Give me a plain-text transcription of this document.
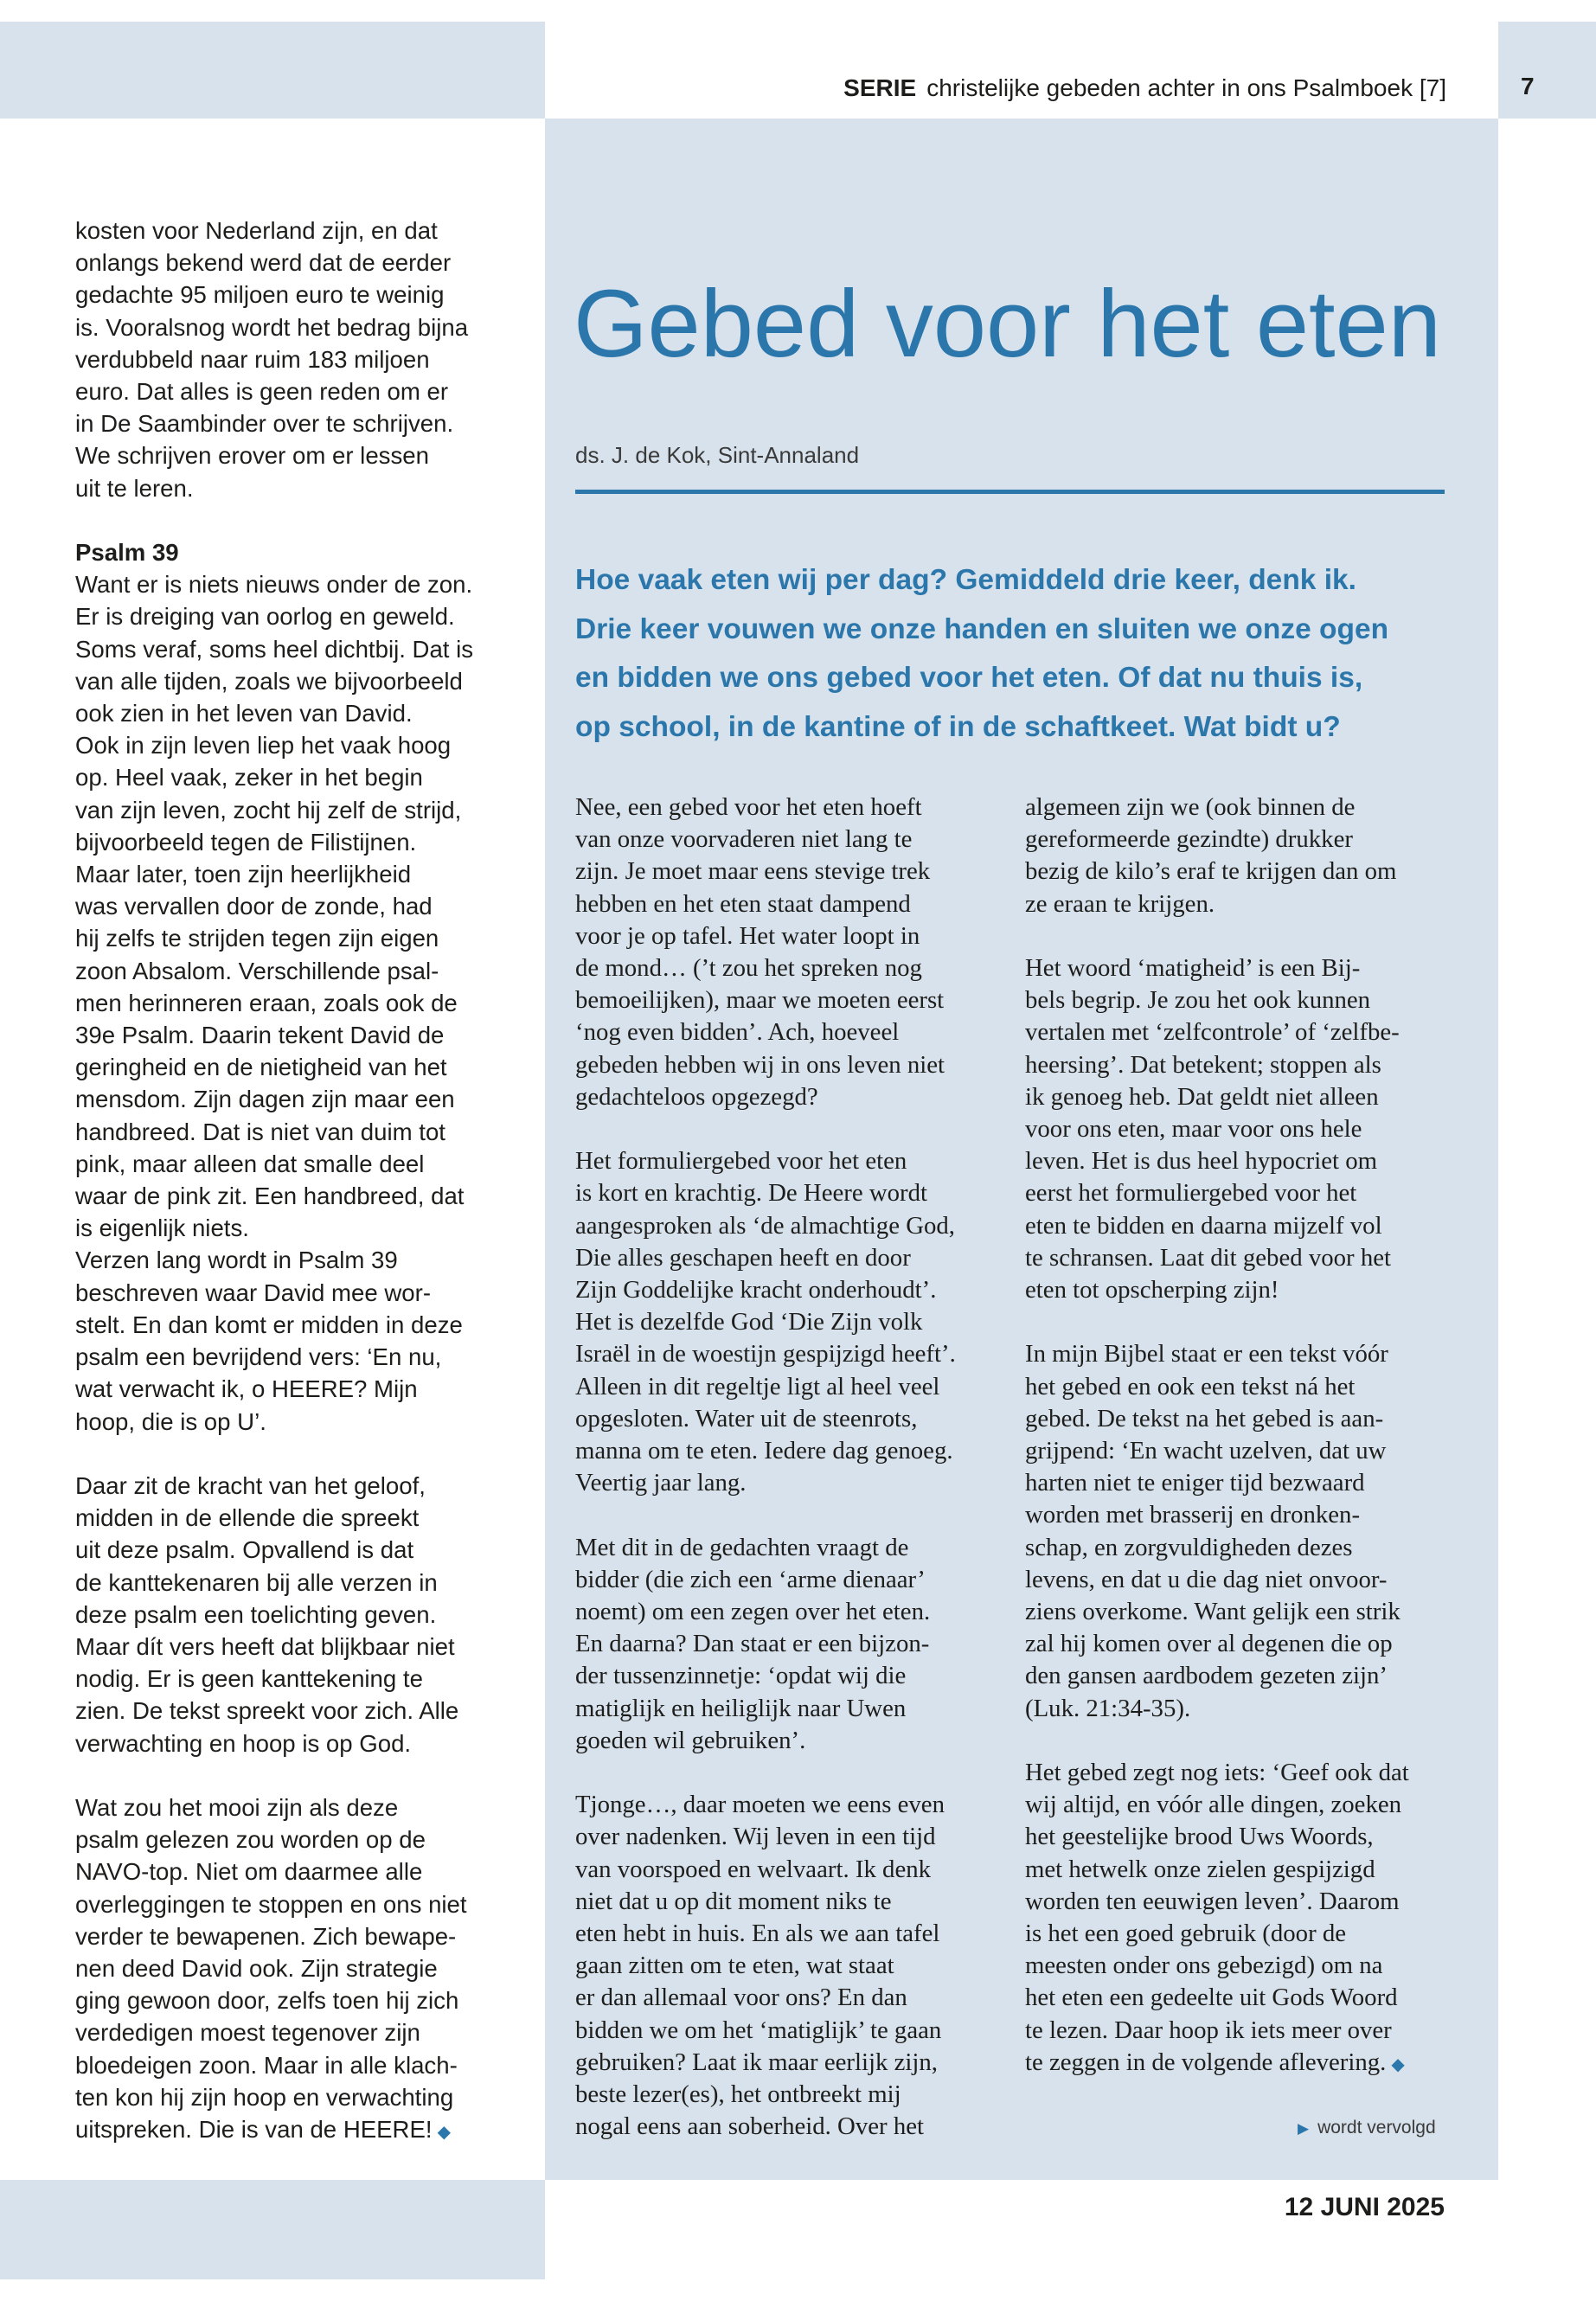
SERIE christelijke gebeden achter in ons Psalmboek [7]	7

kosten voor Nederland zijn, en dat
onlangs bekend werd dat de eerder
gedachte 95 miljoen euro te weinig
is. Vooralsnog wordt het bedrag bijna
verdubbeld naar ruim 183 miljoen
euro. Dat alles is geen reden om er
in De Saambinder over te schrijven.
We schrijven erover om er lessen
uit te leren.

Psalm 39
Want er is niets nieuws onder de zon.
Er is dreiging van oorlog en geweld.
Soms veraf, soms heel dichtbij. Dat is
van alle tijden, zoals we bijvoorbeeld
ook zien in het leven van David.
Ook in zijn leven liep het vaak hoog
op. Heel vaak, zeker in het begin
van zijn leven, zocht hij zelf de strijd,
bijvoorbeeld tegen de Filistijnen.
Maar later, toen zijn heerlijkheid
was vervallen door de zonde, had
hij zelfs te strijden tegen zijn eigen
zoon Absalom. Verschillende psal-
men herinneren eraan, zoals ook de
39e Psalm. Daarin tekent David de
geringheid en de nietigheid van het
mensdom. Zijn dagen zijn maar een
handbreed. Dat is niet van duim tot
pink, maar alleen dat smalle deel
waar de pink zit. Een handbreed, dat
is eigenlijk niets.
Verzen lang wordt in Psalm 39
beschreven waar David mee wor-
stelt. En dan komt er midden in deze
psalm een bevrijdend vers: ‘En nu,
wat verwacht ik, o HEERE? Mijn
hoop, die is op U’.

Daar zit de kracht van het geloof,
midden in de ellende die spreekt
uit deze psalm. Opvallend is dat
de kanttekenaren bij alle verzen in
deze psalm een toelichting geven.
Maar dít vers heeft dat blijkbaar niet
nodig. Er is geen kanttekening te
zien. De tekst spreekt voor zich. Alle
verwachting en hoop is op God.

Wat zou het mooi zijn als deze
psalm gelezen zou worden op de
NAVO-top. Niet om daarmee alle
overleggingen te stoppen en ons niet
verder te bewapenen. Zich bewape-
nen deed David ook. Zijn strategie
ging gewoon door, zelfs toen hij zich
verdedigen moest tegenover zijn
bloedeigen zoon. Maar in alle klach-
ten kon hij zijn hoop en verwachting
uitspreken. Die is van de HEERE! ◆

Gebed voor het eten
ds. J. de Kok, Sint-Annaland
Hoe vaak eten wij per dag? Gemiddeld drie keer, denk ik.
Drie keer vouwen we onze handen en sluiten we onze ogen
en bidden we ons gebed voor het eten. Of dat nu thuis is,
op school, in de kantine of in de schaftkeet. Wat bidt u?

Nee, een gebed voor het eten hoeft
van onze voorvaderen niet lang te
zijn. Je moet maar eens stevige trek
hebben en het eten staat dampend
voor je op tafel. Het water loopt in
de mond… (’t zou het spreken nog
bemoeilijken), maar we moeten eerst
‘nog even bidden’. Ach, hoeveel
gebeden hebben wij in ons leven niet
gedachteloos opgezegd?

Het formuliergebed voor het eten
is kort en krachtig. De Heere wordt
aangesproken als ‘de almachtige God,
Die alles geschapen heeft en door
Zijn Goddelijke kracht onderhoudt’.
Het is dezelfde God ‘Die Zijn volk
Israël in de woestijn gespijzigd heeft’.
Alleen in dit regeltje ligt al heel veel
opgesloten. Water uit de steenrots,
manna om te eten. Iedere dag genoeg.
Veertig jaar lang.

Met dit in de gedachten vraagt de
bidder (die zich een ‘arme dienaar’
noemt) om een zegen over het eten.
En daarna? Dan staat er een bijzon-
der tussenzinnetje: ‘opdat wij die
matiglijk en heiliglijk naar Uwen
goeden wil gebruiken’.

Tjonge…, daar moeten we eens even
over nadenken. Wij leven in een tijd
van voorspoed en welvaart. Ik denk
niet dat u op dit moment niks te
eten hebt in huis. En als we aan tafel
gaan zitten om te eten, wat staat
er dan allemaal voor ons? En dan
bidden we om het ‘matiglijk’ te gaan
gebruiken? Laat ik maar eerlijk zijn,
beste lezer(es), het ontbreekt mij
nogal eens aan soberheid. Over het

algemeen zijn we (ook binnen de
gereformeerde gezindte) drukker
bezig de kilo’s eraf te krijgen dan om
ze eraan te krijgen.

Het woord ‘matigheid’ is een Bij-
bels begrip. Je zou het ook kunnen
vertalen met ‘zelfcontrole’ of ‘zelfbe-
heersing’. Dat betekent; stoppen als
ik genoeg heb. Dat geldt niet alleen
voor ons eten, maar voor ons hele
leven. Het is dus heel hypocriet om
eerst het formuliergebed voor het
eten te bidden en daarna mijzelf vol
te schransen. Laat dit gebed voor het
eten tot opscherping zijn!

In mijn Bijbel staat er een tekst vóór
het gebed en ook een tekst ná het
gebed. De tekst na het gebed is aan-
grijpend: ‘En wacht uzelven, dat uw
harten niet te eniger tijd bezwaard
worden met brasserij en dronken-
schap, en zorgvuldigheden dezes
levens, en dat u die dag niet onvoor-
ziens overkome. Want gelijk een strik
zal hij komen over al degenen die op
den gansen aardbodem gezeten zijn’
(Luk. 21:34-35).

Het gebed zegt nog iets: ‘Geef ook dat
wij altijd, en vóór alle dingen, zoeken
het geestelijke brood Uws Woords,
met hetwelk onze zielen gespijzigd
worden ten eeuwigen leven’. Daarom
is het een goed gebruik (door de
meesten onder ons gebezigd) om na
het eten een gedeelte uit Gods Woord
te lezen. Daar hoop ik iets meer over
te zeggen in de volgende aflevering. ◆

▶ wordt vervolgd
12 JUNI 2025
